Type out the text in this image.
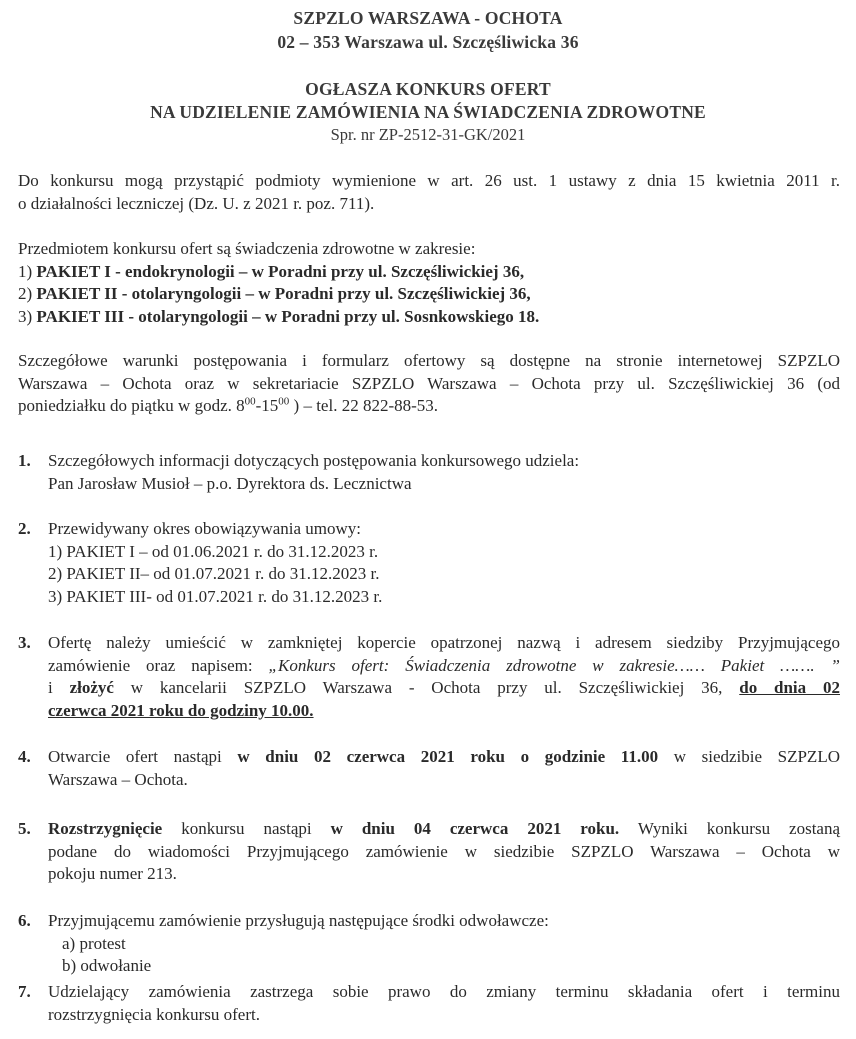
SZPZLO WARSZAWA - OCHOTA
02 – 353 Warszawa ul. Szczęśliwicka 36
OGŁASZA KONKURS OFERT
NA UDZIELENIE ZAMÓWIENIA NA ŚWIADCZENIA ZDROWOTNE
Spr. nr ZP-2512-31-GK/2021
Do konkursu mogą przystąpić podmioty wymienione w art. 26 ust. 1 ustawy z dnia 15 kwietnia 2011 r.
o działalności leczniczej (Dz. U. z 2021 r. poz. 711).
Przedmiotem konkursu ofert są świadczenia zdrowotne w zakresie:
1) PAKIET I - endokrynologii – w Poradni przy ul. Szczęśliwickiej 36,
2) PAKIET II - otolaryngologii – w Poradni przy ul. Szczęśliwickiej 36,
3) PAKIET III - otolaryngologii – w Poradni przy ul. Sosnkowskiego 18.
Szczegółowe warunki postępowania i formularz ofertowy są dostępne na stronie internetowej SZPZLO
Warszawa – Ochota oraz w sekretariacie SZPZLO Warszawa – Ochota przy ul. Szczęśliwickiej 36 (od
poniedziałku do piątku w godz. $8^{00}-15^{00}$ ) – tel. 22 822-88-53.
1.	Szczegółowych informacji dotyczących postępowania konkursowego udziela:
Pan Jarosław Musioł – p.o. Dyrektora ds. Lecznictwa
2.	Przewidywany okres obowiązywania umowy:
1) PAKIET I – od 01.06.2021 r. do 31.12.2023 r.
2) PAKIET II– od 01.07.2021 r. do 31.12.2023 r.
3) PAKIET III- od 01.07.2021 r. do 31.12.2023 r.
3.	Ofertę należy umieścić w zamkniętej kopercie opatrzonej nazwą i adresem siedziby Przyjmującego
zamówienie oraz napisem: „Konkurs ofert: Świadczenia zdrowotne w zakresie…… Pakiet ……. ”
i złożyć w kancelarii SZPZLO Warszawa - Ochota przy ul. Szczęśliwickiej 36, do dnia 02
czerwca 2021 roku do godziny 10.00.
4.	Otwarcie ofert nastąpi w dniu 02 czerwca 2021 roku o godzinie 11.00 w siedzibie SZPZLO
Warszawa – Ochota.
5.	Rozstrzygnięcie konkursu nastąpi w dniu 04 czerwca 2021 roku. Wyniki konkursu zostaną
podane do wiadomości Przyjmującego zamówienie w siedzibie SZPZLO Warszawa – Ochota w
pokoju numer 213.
6.	Przyjmującemu zamówienie przysługują następujące środki odwoławcze:
a) protest
b) odwołanie
7.	Udzielający zamówienia zastrzega sobie prawo do zmiany terminu składania ofert i terminu
rozstrzygnięcia konkursu ofert.
